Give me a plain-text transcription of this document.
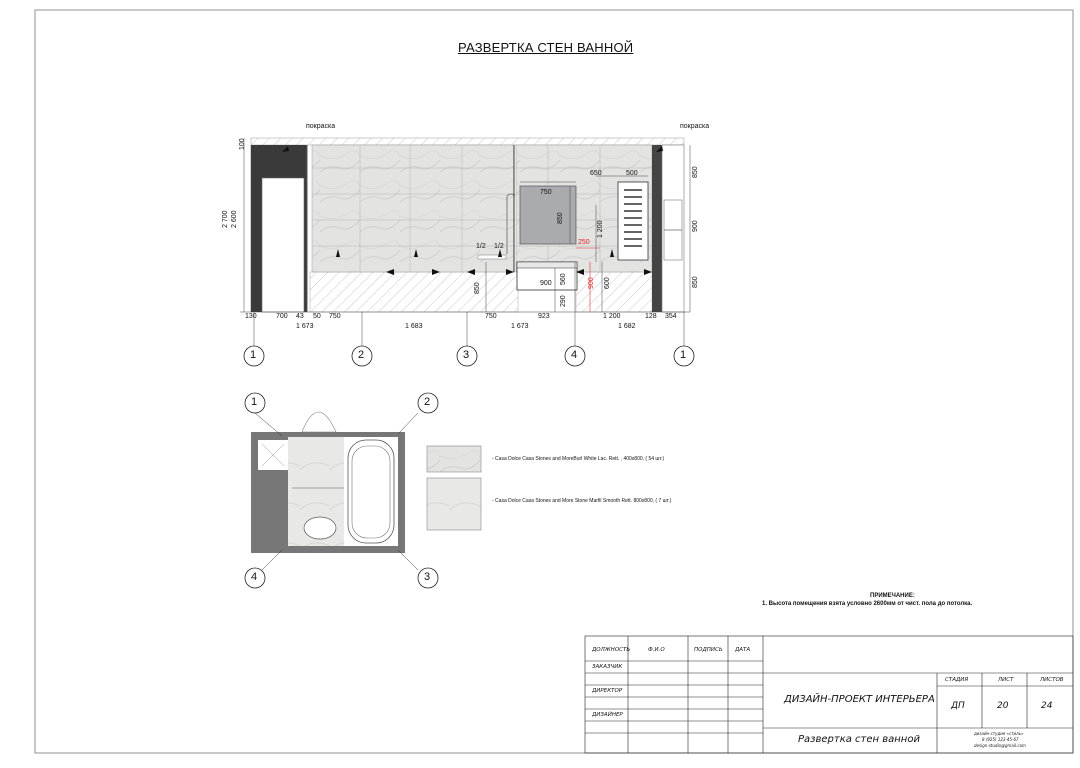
РАЗВЕРТКА СТЕН ВАННОЙ
покраска	покраска
2 700 2 600
100
850
900
850
750
850
650	500
1 200
250
1/2 1/2
850	900 560
290
900 600
130	700 43 50 750	750	923	1 200	128 354
1 673	1 683	1 673	1 682
1	2	3	4	1
1	2
3
4
- Casa Dolce Casa Stones and MoreBurl White Lac. Rett. , 400x800, ( 54 шт.)
- Casa Dolce Casa Stones and More Stone Marfil Smooth Rett. 800x800, ( 7 шт.)
ПРИМЕЧАНИЕ:
1. Высота помещения взята условно 2600мм от чист. пола до потолка.
ДОЛЖНОСТЬ	Ф.И.О	ПОДПИСЬ ДАТА
ЗАКАЗЧИК
ДИРЕКТОР
ДИЗАЙНЕР
ДИЗАЙН-ПРОЕКТ ИНТЕРЬЕРА
Развертка стен ванной
СТАДИЯ	ЛИСТ	ЛИСТОВ
ДП	20	24
дизайн-студия «стиль»
8 (925) 123-45-67
design-studio@gmail.com
